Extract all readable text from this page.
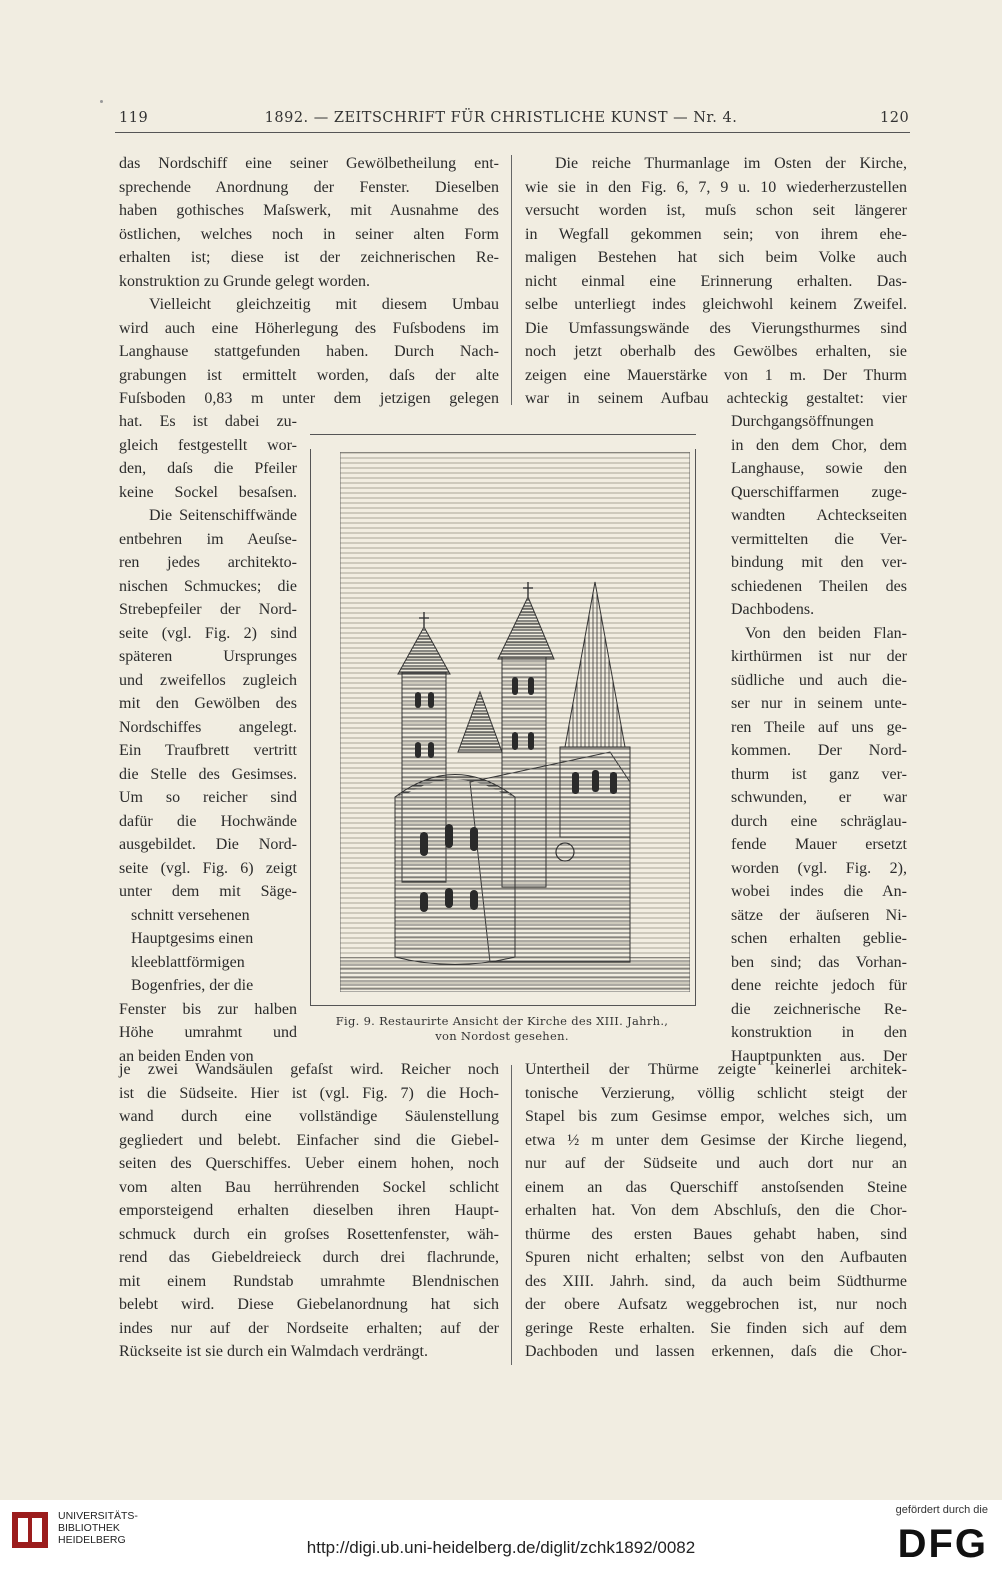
119	1892. — ZEITSCHRIFT FÜR CHRISTLICHE KUNST — Nr. 4.	120
das Nordschiff eine seiner Gewölbetheilung ent-
sprechende Anordnung der Fenster. Dieselben
haben gothisches Maſswerk, mit Ausnahme des
östlichen, welches noch in seiner alten Form
erhalten ist; diese ist der zeichnerischen Re-
konstruktion zu Grunde gelegt worden.
Vielleicht gleichzeitig mit diesem Umbau
wird auch eine Höherlegung des Fuſsbodens im
Langhause stattgefunden haben. Durch Nach-
grabungen ist ermittelt worden, daſs der alte
Fuſsboden 0,83 m unter dem jetzigen gelegen
hat. Es ist dabei zu-
gleich festgestellt wor-
den, daſs die Pfeiler
keine Sockel besaſsen.
Die Seitenschiffwände
entbehren im Aeuſse-
ren jedes architekto-
nischen Schmuckes; die
Strebepfeiler der Nord-
seite (vgl. Fig. 2) sind
späteren Ursprunges
und zweifellos zugleich
mit den Gewölben des
Nordschiffes angelegt.
Ein Traufbrett vertritt
die Stelle des Gesimses.
Um so reicher sind
dafür die Hochwände
ausgebildet. Die Nord-
seite (vgl. Fig. 6) zeigt
unter dem mit Säge-
schnitt versehenen
Hauptgesims einen
kleeblattförmigen
Bogenfries, der die
Fenster bis zur halben
Höhe umrahmt und
an beiden Enden von
je zwei Wandsäulen gefaſst wird. Reicher noch
ist die Südseite. Hier ist (vgl. Fig. 7) die Hoch-
wand durch eine vollständige Säulenstellung
gegliedert und belebt. Einfacher sind die Giebel-
seiten des Querschiffes. Ueber einem hohen, noch
vom alten Bau herrührenden Sockel schlicht
emporsteigend erhalten dieselben ihren Haupt-
schmuck durch ein groſses Rosettenfenster, wäh-
rend das Giebeldreieck durch drei flachrunde,
mit einem Rundstab umrahmte Blendnischen
belebt wird. Diese Giebelanordnung hat sich
indes nur auf der Nordseite erhalten; auf der
Rückseite ist sie durch ein Walmdach verdrängt.
Die reiche Thurmanlage im Osten der Kirche,
wie sie in den Fig. 6, 7, 9 u. 10 wiederherzustellen
versucht worden ist, muſs schon seit längerer
in Wegfall gekommen sein; von ihrem ehe-
maligen Bestehen hat sich beim Volke auch
nicht einmal eine Erinnerung erhalten. Das-
selbe unterliegt indes gleichwohl keinem Zweifel.
Die Umfassungswände des Vierungsthurmes sind
noch jetzt oberhalb des Gewölbes erhalten, sie
zeigen eine Mauerstärke von 1 m. Der Thurm
war in seinem Aufbau achteckig gestaltet: vier
Durchgangsöffnungen
in den dem Chor, dem
Langhause, sowie den
Querschiffarmen zuge-
wandten Achteckseiten
vermittelten die Ver-
bindung mit den ver-
schiedenen Theilen des
Dachbodens.
Von den beiden Flan-
kirthürmen ist nur der
südliche und auch die-
ser nur in seinem unte-
ren Theile auf uns ge-
kommen. Der Nord-
thurm ist ganz ver-
schwunden, er war
durch eine schräglau-
fende Mauer ersetzt
worden (vgl. Fig. 2),
wobei indes die An-
sätze der äuſseren Ni-
schen erhalten geblie-
ben sind; das Vorhan-
dene reichte jedoch für
die zeichnerische Re-
konstruktion in den
Hauptpunkten aus. Der
Untertheil der Thürme zeigte keinerlei architek-
tonische Verzierung, völlig schlicht steigt der
Stapel bis zum Gesimse empor, welches sich, um
etwa ½ m unter dem Gesimse der Kirche liegend,
nur auf der Südseite und auch dort nur an
einem an das Querschiff anstoſsenden Steine
erhalten hat. Von dem Abschluſs, den die Chor-
thürme des ersten Baues gehabt haben, sind
Spuren nicht erhalten; selbst von den Aufbauten
des XIII. Jahrh. sind, da auch beim Südthurme
der obere Aufsatz weggebrochen ist, nur noch
geringe Reste erhalten. Sie finden sich auf dem
Dachboden und lassen erkennen, daſs die Chor-
Fig. 9. Restaurirte Ansicht der Kirche des XIII. Jahrh.,
von Nordost gesehen.
UNIVERSITÄTS-
BIBLIOTHEK
HEIDELBERG	http://digi.ub.uni-heidelberg.de/diglit/zchk1892/0082
gefördert durch die
DFG
